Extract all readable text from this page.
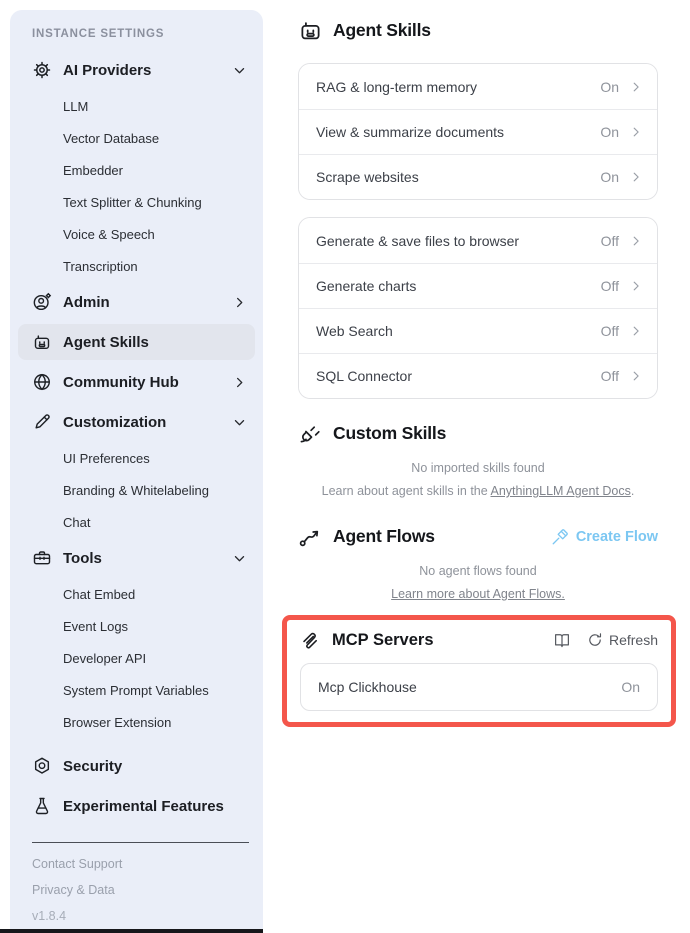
INSTANCE SETTINGS
AI Providers
LLM
Vector Database
Embedder
Text Splitter & Chunking
Voice & Speech
Transcription
Admin
Agent Skills
Community Hub
Customization
UI Preferences
Branding & Whitelabeling
Chat
Tools
Chat Embed
Event Logs
Developer API
System Prompt Variables
Browser Extension
Security
Experimental Features
Contact Support
Privacy & Data
v1.8.4
Agent Skills
RAG & long-term memory	On
View & summarize documents	On
Scrape websites	On
Generate & save files to browser	Off
Generate charts	Off
Web Search	Off
SQL Connector	Off
Custom Skills
No imported skills found
Learn about agent skills in the AnythingLLM Agent Docs.
Agent Flows	Create Flow
No agent flows found
Learn more about Agent Flows.
MCP Servers	Refresh
Mcp Clickhouse	On
